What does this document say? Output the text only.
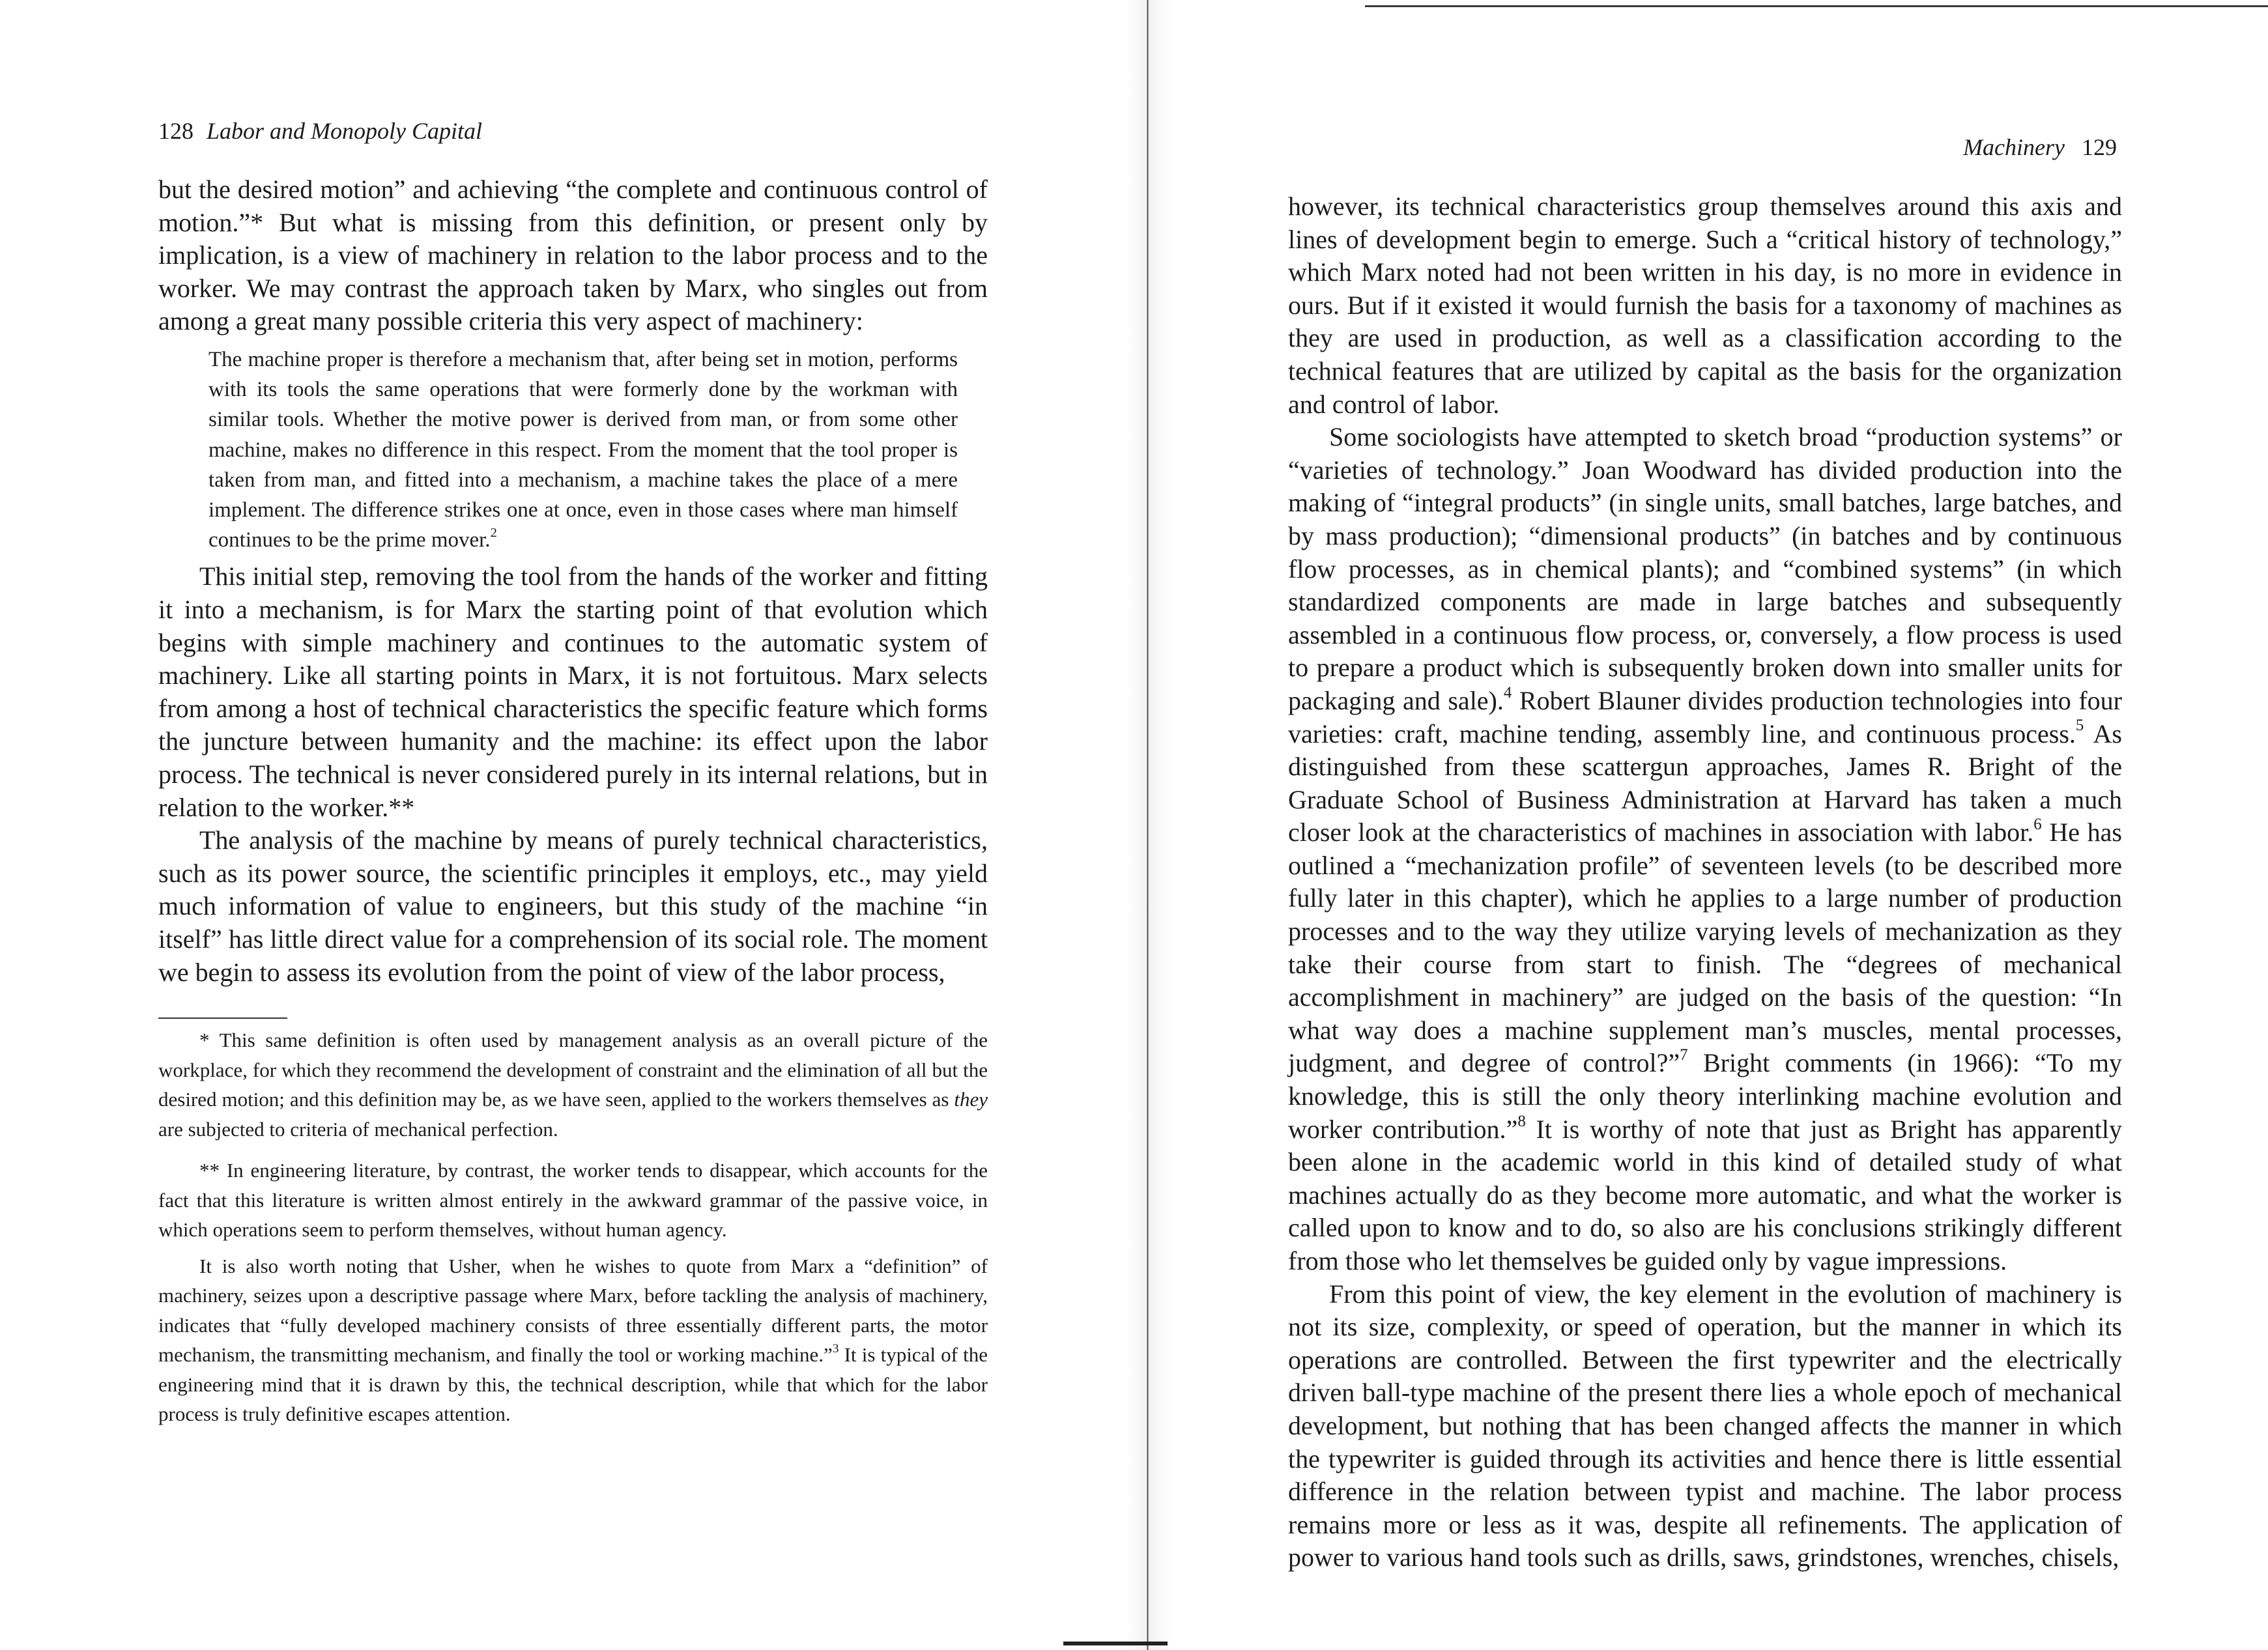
128 Labor and Monopoly Capital

but the desired motion” and achieving “the complete and continuous control of motion.”* But what is missing from this definition, or present only by implication, is a view of machinery in relation to the labor process and to the worker. We may contrast the approach taken by Marx, who singles out from among a great many possible criteria this very aspect of machinery:

The machine proper is therefore a mechanism that, after being set in motion, performs with its tools the same operations that were formerly done by the workman with similar tools. Whether the motive power is derived from man, or from some other machine, makes no difference in this respect. From the moment that the tool proper is taken from man, and fitted into a mechanism, a machine takes the place of a mere implement. The difference strikes one at once, even in those cases where man himself continues to be the prime mover.$^2$

This initial step, removing the tool from the hands of the worker and fitting it into a mechanism, is for Marx the starting point of that evolution which begins with simple machinery and continues to the automatic system of machinery. Like all starting points in Marx, it is not fortuitous. Marx selects from among a host of technical characteristics the specific feature which forms the juncture between humanity and the machine: its effect upon the labor process. The technical is never considered purely in its internal relations, but in relation to the worker.**

The analysis of the machine by means of purely technical characteristics, such as its power source, the scientific principles it employs, etc., may yield much information of value to engineers, but this study of the machine “in itself” has little direct value for a comprehension of its social role. The moment we begin to assess its evolution from the point of view of the labor process,

* This same definition is often used by management analysis as an overall picture of the workplace, for which they recommend the development of constraint and the elimination of all but the desired motion; and this definition may be, as we have seen, applied to the workers themselves as they are subjected to criteria of mechanical perfection.

** In engineering literature, by contrast, the worker tends to disappear, which accounts for the fact that this literature is written almost entirely in the awkward grammar of the passive voice, in which operations seem to perform themselves, without human agency.

It is also worth noting that Usher, when he wishes to quote from Marx a “definition” of machinery, seizes upon a descriptive passage where Marx, before tackling the analysis of machinery, indicates that “fully developed machinery consists of three essentially different parts, the motor mechanism, the transmitting mechanism, and finally the tool or working machine.”$^3$ It is typical of the engineering mind that it is drawn by this, the technical description, while that which for the labor process is truly definitive escapes attention.

Machinery 129

however, its technical characteristics group themselves around this axis and lines of development begin to emerge. Such a “critical history of technology,” which Marx noted had not been written in his day, is no more in evidence in ours. But if it existed it would furnish the basis for a taxonomy of machines as they are used in production, as well as a classification according to the technical features that are utilized by capital as the basis for the organization and control of labor.

Some sociologists have attempted to sketch broad “production systems” or “varieties of technology.” Joan Woodward has divided production into the making of “integral products” (in single units, small batches, large batches, and by mass production); “dimensional products” (in batches and by continuous flow processes, as in chemical plants); and “combined systems” (in which standardized components are made in large batches and subsequently assembled in a continuous flow process, or, conversely, a flow process is used to prepare a product which is subsequently broken down into smaller units for packaging and sale).$^4$ Robert Blauner divides production technologies into four varieties: craft, machine tending, assembly line, and continuous process.$^5$ As distinguished from these scattergun approaches, James R. Bright of the Graduate School of Business Administration at Harvard has taken a much closer look at the characteristics of machines in association with labor.$^6$ He has outlined a “mechanization profile” of seventeen levels (to be described more fully later in this chapter), which he applies to a large number of production processes and to the way they utilize varying levels of mechanization as they take their course from start to finish. The “degrees of mechanical accomplishment in machinery” are judged on the basis of the question: “In what way does a machine supplement man’s muscles, mental processes, judgment, and degree of control?”$^7$ Bright comments (in 1966): “To my knowledge, this is still the only theory interlinking machine evolution and worker contribution.”$^8$ It is worthy of note that just as Bright has apparently been alone in the academic world in this kind of detailed study of what machines actually do as they become more automatic, and what the worker is called upon to know and to do, so also are his conclusions strikingly different from those who let themselves be guided only by vague impressions.

From this point of view, the key element in the evolution of machinery is not its size, complexity, or speed of operation, but the manner in which its operations are controlled. Between the first typewriter and the electrically driven ball-type machine of the present there lies a whole epoch of mechanical development, but nothing that has been changed affects the manner in which the typewriter is guided through its activities and hence there is little essential difference in the relation between typist and machine. The labor process remains more or less as it was, despite all refinements. The application of power to various hand tools such as drills, saws, grindstones, wrenches, chisels,
